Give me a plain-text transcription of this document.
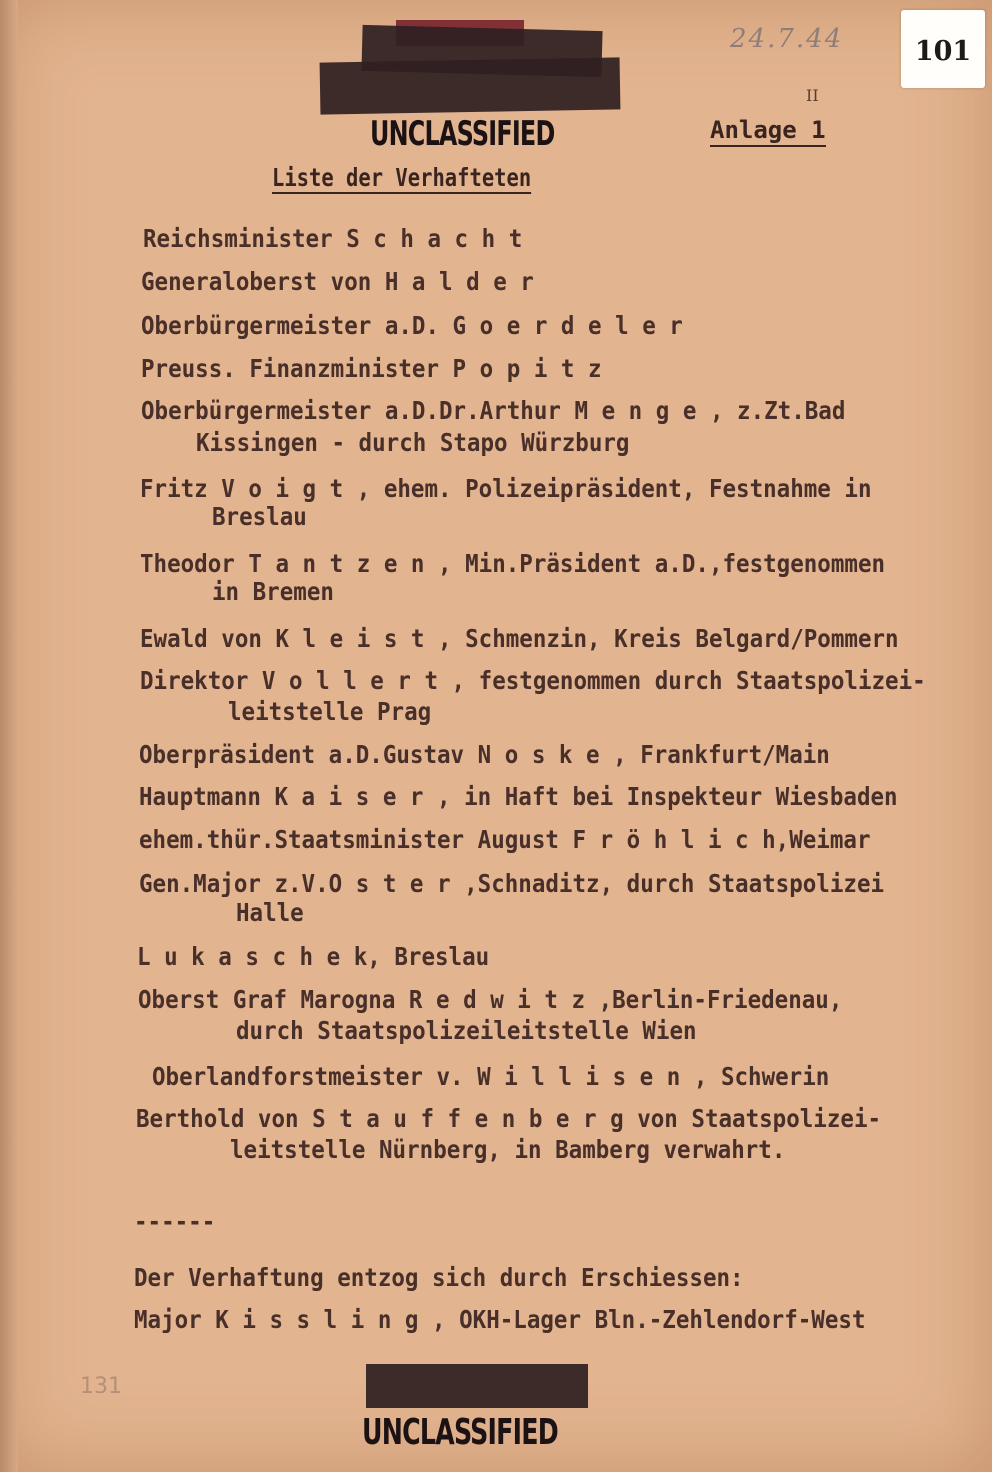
UNCLASSIFIED
24.7.44	101
II
Anlage 1
Liste der Verhafteten
Reichsminister S c h a c h t
Generaloberst von H a l d e r
Oberbürgermeister a.D. G o e r d e l e r
Preuss. Finanzminister P o p i t z
Oberbürgermeister a.D.Dr.Arthur M e n g e , z.Zt.Bad
Kissingen - durch Stapo Würzburg
Fritz V o i g t , ehem. Polizeipräsident, Festnahme in
Breslau
Theodor T a n t z e n , Min.Präsident a.D.,festgenommen
in Bremen
Ewald von K l e i s t , Schmenzin, Kreis Belgard/Pommern
Direktor V o l l e r t , festgenommen durch Staatspolizei-
leitstelle Prag
Oberpräsident a.D.Gustav N o s k e , Frankfurt/Main
Hauptmann K a i s e r , in Haft bei Inspekteur Wiesbaden
ehem.thür.Staatsminister August F r ö h l i c h,Weimar
Gen.Major z.V.O s t e r ,Schnaditz, durch Staatspolizei
Halle
L u k a s c h e k, Breslau
Oberst Graf Marogna R e d w i t z ,Berlin-Friedenau,
durch Staatspolizeileitstelle Wien
Oberlandforstmeister v. W i l l i s e n , Schwerin
Berthold von S t a u f f e n b e r g von Staatspolizei-
leitstelle Nürnberg, in Bamberg verwahrt.
------
Der Verhaftung entzog sich durch Erschiessen:
Major K i s s l i n g , OKH-Lager Bln.-Zehlendorf-West
131
UNCLASSIFIED
